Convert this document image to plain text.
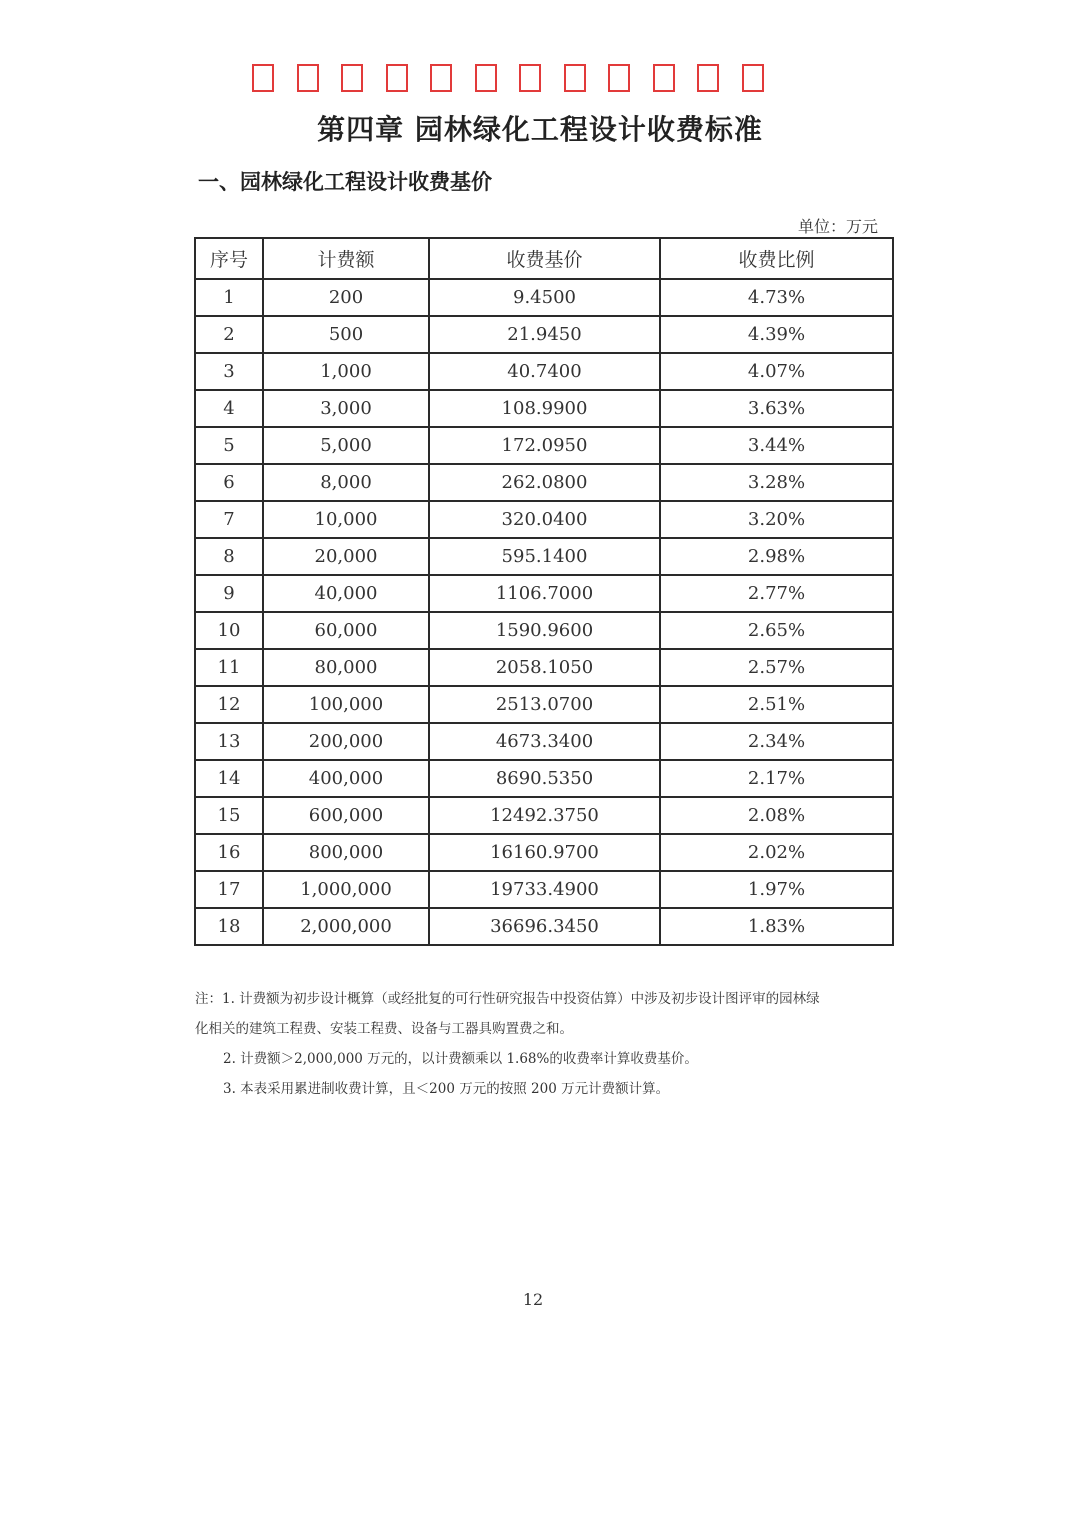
第四章 园林绿化工程设计收费标准
一、园林绿化工程设计收费基价
单位：万元
序号	计费额	收费基价	收费比例
1	200	9.4500	4.73%
2	500	21.9450	4.39%
3	1,000	40.7400	4.07%
4	3,000	108.9900	3.63%
5	5,000	172.0950	3.44%
6	8,000	262.0800	3.28%
7	10,000	320.0400	3.20%
8	20,000	595.1400	2.98%
9	40,000	1106.7000	2.77%
10	60,000	1590.9600	2.65%
11	80,000	2058.1050	2.57%
12	100,000	2513.0700	2.51%
13	200,000	4673.3400	2.34%
14	400,000	8690.5350	2.17%
15	600,000	12492.3750	2.08%
16	800,000	16160.9700	2.02%
17	1,000,000	19733.4900	1.97%
18	2,000,000	36696.3450	1.83%
注：1. 计费额为初步设计概算（或经批复的可行性研究报告中投资估算）中涉及初步设计图评审的园林绿
化相关的建筑工程费、安装工程费、设备与工器具购置费之和。
2. 计费额＞2,000,000 万元的，以计费额乘以 1.68%的收费率计算收费基价。
3. 本表采用累进制收费计算，且＜200 万元的按照 200 万元计费额计算。
12
